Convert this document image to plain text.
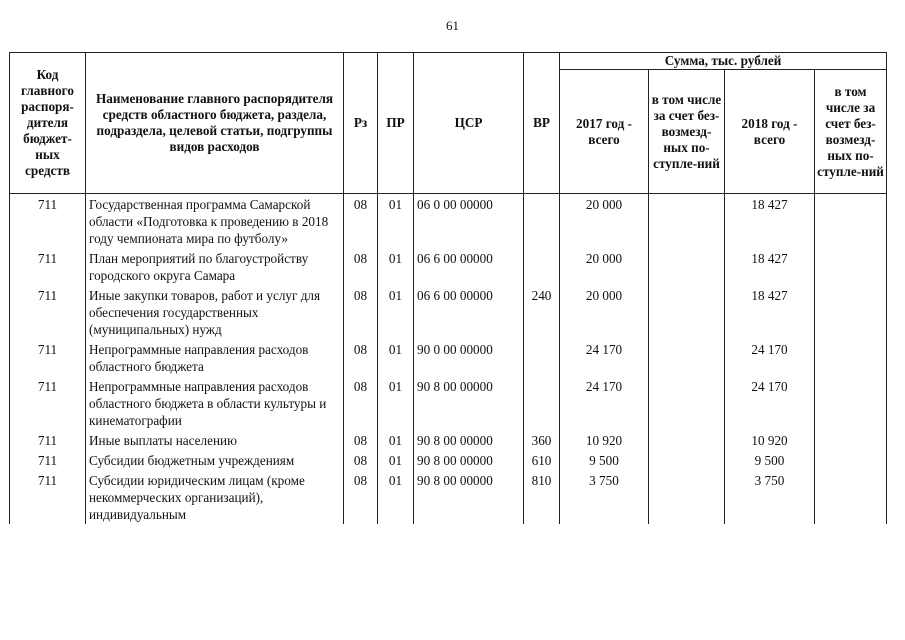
61
Код главного распоря-дителя бюджет-ных средств	Наименование главного распорядителя средств областного бюджета, раздела, подраздела, целевой статьи, подгруппы видов расходов	Рз	ПР	ЦСР	ВР	Сумма, тыс. рублей			
						2017 год - всего	в том числе за счет без-возмезд-ных по-ступле-ний	2018 год - всего	в том числе за счет без-возмезд-ных по-ступле-ний
711	Государственная программа Самарской области «Подготовка к проведению в 2018 году чемпионата мира по футболу»	08	01	06 0 00 00000		20 000		18 427	
711	План мероприятий по благоустройству городского округа Самара	08	01	06 6 00 00000		20 000		18 427	
711	Иные закупки товаров, работ и услуг для обеспечения государственных (муниципальных) нужд	08	01	06 6 00 00000	240	20 000		18 427	
711	Непрограммные направления расходов областного бюджета	08	01	90 0 00 00000		24 170		24 170	
711	Непрограммные направления расходов областного бюджета в области культуры и кинематографии	08	01	90 8 00 00000		24 170		24 170	
711	Иные выплаты населению	08	01	90 8 00 00000	360	10 920		10 920	
711	Субсидии бюджетным учреждениям	08	01	90 8 00 00000	610	9 500		9 500	
711	Субсидии юридическим лицам (кроме некоммерческих организаций), индивидуальным	08	01	90 8 00 00000	810	3 750		3 750	
